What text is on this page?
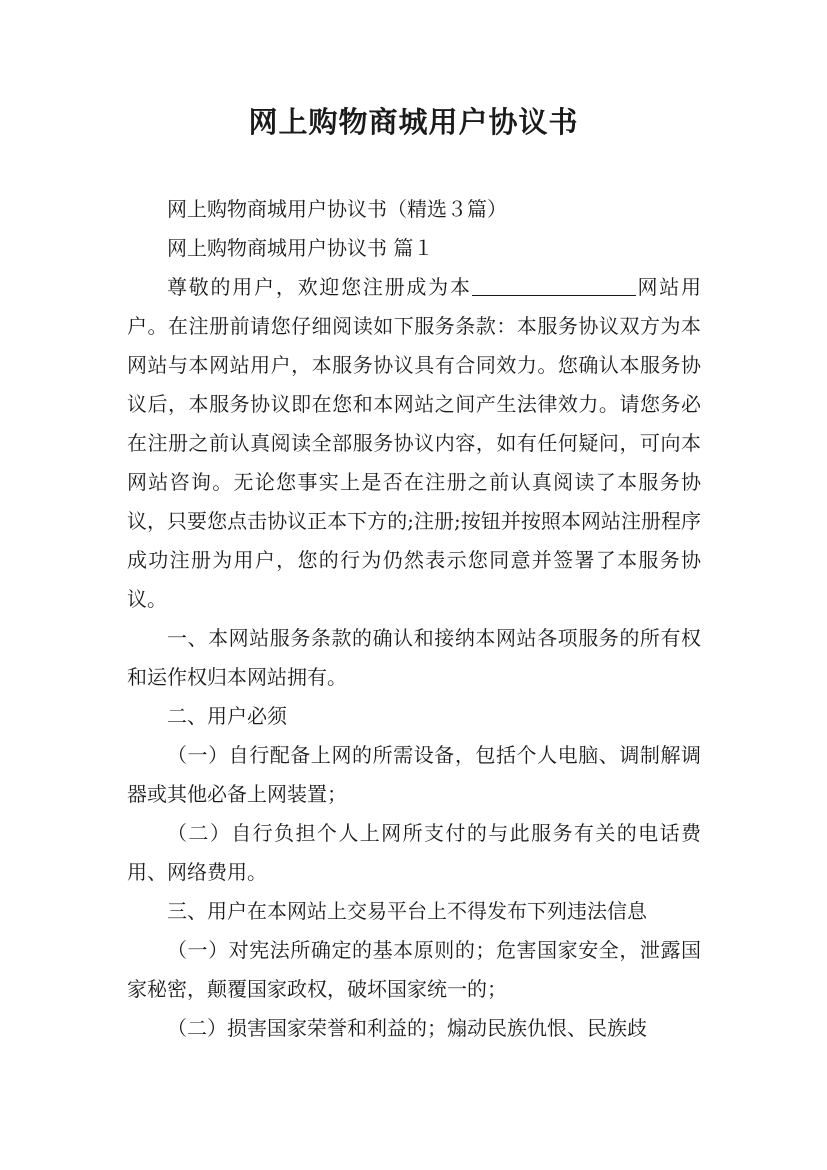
网上购物商城用户协议书

网上购物商城用户协议书（精选３篇）

网上购物商城用户协议书 篇１

尊敬的用户，欢迎您注册成为本	网站用户。在注册前请您仔细阅读如下服务条款：本服务协议双方为本网站与本网站用户，本服务协议具有合同效力。您确认本服务协议后，本服务协议即在您和本网站之间产生法律效力。请您务必在注册之前认真阅读全部服务协议内容，如有任何疑问，可向本网站咨询。无论您事实上是否在注册之前认真阅读了本服务协议，只要您点击协议正本下方的;注册;按钮并按照本网站注册程序成功注册为用户，您的行为仍然表示您同意并签署了本服务协议。

一、本网站服务条款的确认和接纳本网站各项服务的所有权和运作权归本网站拥有。

二、用户必须

（一）自行配备上网的所需设备，包括个人电脑、调制解调器或其他必备上网装置；

（二）自行负担个人上网所支付的与此服务有关的电话费用、网络费用。

三、用户在本网站上交易平台上不得发布下列违法信息

（一）对宪法所确定的基本原则的；危害国家安全，泄露国家秘密，颠覆国家政权，破坏国家统一的；

（二）损害国家荣誉和利益的；煽动民族仇恨、民族歧
